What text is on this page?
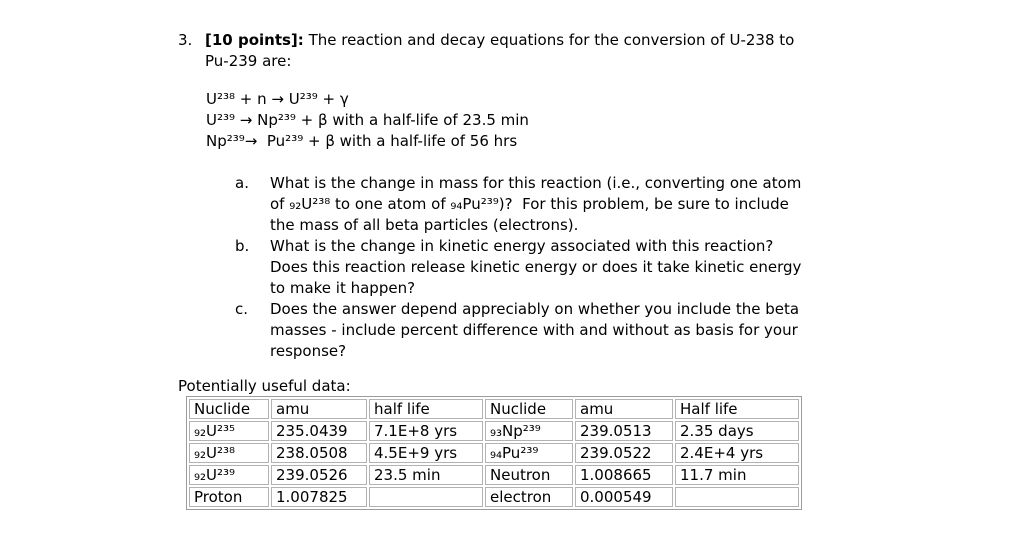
3. [10 points]: The reaction and decay equations for the conversion of U-238 to
Pu-239 are:
U²³⁸ + n → U²³⁹ + γ
U²³⁹ → Np²³⁹ + β with a half-life of 23.5 min
Np²³⁹→  Pu²³⁹ + β with a half-life of 56 hrs
a.	What is the change in mass for this reaction (i.e., converting one atom
of ₉₂U²³⁸ to one atom of ₉₄Pu²³⁹)?  For this problem, be sure to include
the mass of all beta particles (electrons).
b.	What is the change in kinetic energy associated with this reaction?
Does this reaction release kinetic energy or does it take kinetic energy
to make it happen?
c.	Does the answer depend appreciably on whether you include the beta
masses - include percent difference with and without as basis for your
response?
Potentially useful data:
Nuclide	amu	half life	Nuclide	amu	Half life
₉₂U²³⁵	235.0439	7.1E+8 yrs	₉₃Np²³⁹	239.0513	2.35 days
₉₂U²³⁸	238.0508	4.5E+9 yrs	₉₄Pu²³⁹	239.0522	2.4E+4 yrs
₉₂U²³⁹	239.0526	23.5 min	Neutron	1.008665	11.7 min
Proton	1.007825		electron	0.000549	
